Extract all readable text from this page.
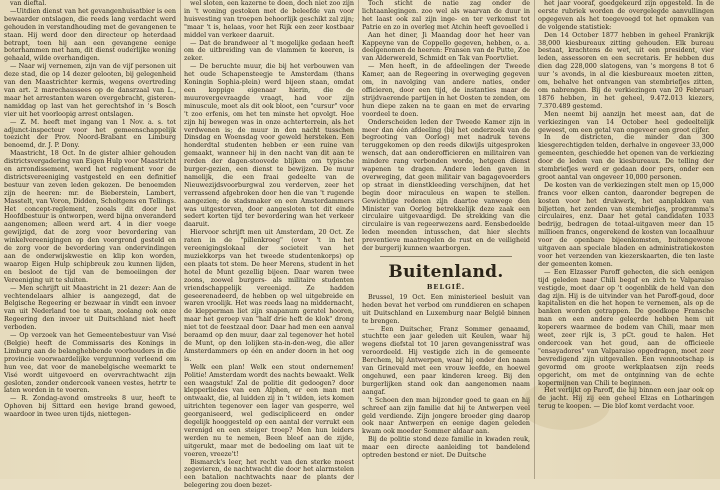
van dieftal.

—Uitdien dienst van het gevangenhuisatbier is een bewaarder ontslagen, die reeds lang verdacht werd gehouden in verstandhouding met de gevangenen te staan. Hij werd door den directeur op heterdaad betrapt, toen hij aan een gevangene eenige boterhammen met ham, dit dienst ouderlijke woning gehaald, wilde overhandigen.

— Naar wij vernemen, zijn van de vijf personen uit deze stad, die op 14 dezer gelooten, bij gelegenheid van den Maastrichter kermis, wegens overtreding van art. 2 marechaussees op de dansrzaal van L., maar het arrestanten waren overgebracht, gisteren-namiddag op last van het gerechtshof in 's Bosch vier uit het voorloopig arrest ontslagen.

— Z. M. heeft met ingang van 1 Nov. a. s. tot adjunct-inspecteur voor het gemeenschappelijk toezicht der Prov. Noord-Brabant en Limburg benoemd, dr. J. P. Dony.

Maastricht, 18 Oct. In de gister alhier gehouden districtsvergadering van Eigen Hulp voor Maastricht en arrondissement, werd het reglement voor de districtsvereeniging vastgesteld en een definitief bestuur van zeven leden gekozen. De benoemden zijn de heeren: mr. de Bieberstein, Lambert, Masstelt, van Voron, Didden, Scholtgens en Tellings. Het concept-reglement, zooals dit door het Hoofdbestuur is ontworpen, werd bijna onveranderd aangenomen; alleen werd art. 4 in dier voege gewijzigd, dat de zorg voor bevordering van winkelvereenigingen op den voorgrond gesteld en de zorg voor de bevordering van ondervindingen aan de onderwijskwestie en klip kon worden, waarop Eigen Hulp schipbreuk zou kunnen lijden, en besloot de tijd van de bemoeiingen der Vereeniging uit te sluiten.

— Men schrijft uit Maastricht in 21 dezer: Aan de vechtendelaars alhier is aangezegd, dat de Belgische Regeering er bezwaar in vindt een invoer van uit Nederland toe te staan, zoolang ook onze Regeering den invoer uit Duitschland niet heeft verboden.

— Op verzoek van het Gemeentebestuur van Visé (Belgie) heeft de Commissaris des Konings in Limburg aan de belanghebbende voorhouders in die provincie voorwaardelijke vergunning verleend om hun vee, dat voor de manebelgische weemarkt te Visé wordt uitgevoerd en overvrachtwacht zijn gesloten, zonder ondercoek vaneen vestes, hetrtr te laten worden in te voeren.

— R. Zondag-avond omstreeks 8 uur, heeft te Ophoven bij Sittard een hevige brand gewoed, waardoor in twee uren tijds, niettegen-

wel sloten, een kazerne te doen, doch niet zoo zijn in 't woning gestoken met de beleefde van voor huisvesting van troepen behoorlijk geschikt zal zijn; "maar 't is, helaas, voor het Rijk een zeer kostbaar middel van verkeer daaruit.

— Dat de brandweer al 't mogelijke gedaan heeft om de uitbreiding van de vlammen te keeren, is zeker.

— De beruchte muur, die bij het verbouwen van het oude Schapensteegje te Amsterdam (thans Koningin Sophia-plein) werd bijeen staan, omdat een koppige eigenaar hierin, die de muurovergevraagde vraagt, had voor zijn minuscule, moet als dit ook bloot, een "cursur" voor 't zoo erfenis, om het ten minste het opvolgt. Hoe zijn hij bewegen was in onze achterterrein, als het verdwenen is; de muur in den nacht tusschen Dinsdag en Woensdag voor geweld hersteken. Een honderdtal studenten hebben er een ruine van gemaakt, wanneer hij in den nacht van dit aan te rerden der dagen-stoovede blijken om typische burger-gezien, een dienst te bewijzen. De muur namelijk, die een fraai gedeelte van de Nieuwezijdsvoorburgwal zou verderven, zeer het verrassend afgebroken door hen die van 't rugende aangezien; de stadsmaker en een Amsterdammers was uitgestorven, door aangesloten tot dit einde sedert korten tijd ter bevordering wan het verkeer daaruit.

Hiervoor schrijft men uit Amsterdam, 20 Oct. Ze raten in de "pillenkroeg" (over 't in het vereenigingslokaal der societeit van het muziekkorps van het tweede studentenkorps) op een plaats tot stem. De heer Merens, student in het hotel de Munt gezellig bijeen. Daar waren twee zoons, zoowel burgers- als militaire studenten vriendschappelijk vereenigd. Ze hadden geseerenadeerd, de hebben op wel uitgebreide en waren vroolijk. Het was reeds laag na middernacht, de klepperman liet zijn snapanum geratel hooren, maar het geroep van "half drie heft de klok" drong niet tot de feestzaal door. Daar had men een aanval beraamd op den muur, daar zal tegenover het hotel de Munt, op den lolijken sta-in-den-weg, die aller Amsterdammers op één en ander doorn in het oog is.

Welk een plan! Welk een stout ondernemen! Politie! Amsterdam wordt des nachts bewaakt. Welk een waagstuk! Zal de politie dit gedoogen? door klepperliedes van een Alphen, er een man met ontwaakt, die, al luidden zij in 't wilden, iets komen uitrichten tegenover een lager van gesperre, wel georganiseerd, wel gediscipliceerd en onder degelijk hooggesteld op een aantal der verrukt een verenigd en een steiger troep? Men hun leiders werden nu te nemen, Been bleef aan de zijde, uitgerukt, maar met de bedoeling om laat uit te voeren, vreeze't!

Bismarck's leer, het recht van den sterke moest zegevieren, de nachtwacht die door het alarmstelen een batalion nachtwachts naar de plants der belegering zou doen bezet-

Toch sticht de natie zag onder de lichtaanlegingen. zoo wel als waarvan de duur in het laast ook zal zijn inge- en ter verkomst tot Patrie en zo in overleg met Atchin heeft gevoelled i

Aan het diner, Ji Maandag door het heer van Kappeyne van de Coppello gegeven, hebben, o. a. deelgenomen de heeren: Fransen van de Putte, Zoe van Alderwereld, Schmidt en Tak van Poortvliet.

— Men heeft, in de afdeelingen der Tweede Kamer, aan de Regeering in overweging gegeven om, in navolging van andere naties, onder officieren, door een tijd, de instanties maar de strijdvaerende partijen in het Oosten te zenden, om hun diepe zaken na te gaan en met de ervaring voordeel te doen.

Onderscheiden leden der Tweede Kamer zijn in meer dan één afdeeling (bij het onderzoek van de begrooting van Oorlog) met nadruk tevens teruggekomen op den reeds dikwijls uitgesproken wensch, dat aan onderofficieren en militairen van mindere rang verbonden worde, hetgeen dienst wapenen te dragen. Andere leden gaven in overweging, dat geen militair van bagagevoerders op straat in dienstkleeding verschijnen, dat het begin door miraculeus en wapen te stellen. Gewichtige redenen zijn daartoe vanwege den Minister van Oorlog betrekkelijk deze zaak een circulaire uitgevaardigd. De strekking van die circulaire is van regeerwezens aard. Eensbedoelde leden meenden intusschen, dat hier slechts preventieve maatregelen de rust en de veiligheid der burgerij kunnen waarborgen.

Buitenland.
BELGIË.

Brussel, 19 Oct. Een ministerieel besluit van heden bevat het verbod om runddieren en schapen uit Duitschland en Luxemburg naar België binnen te brengen.

— Een Duitscher, Franz Sommer genaamd, stuchtte een jaar geleden uit Keulen, waar hij wegens diefstal tot 10 jaren gevangenisstraf was veroordeeld. Hij vestigde zich in de gemeente Berchem, bij Antwerpen, waar hij onder den naam van Grinevald met een vrouw leefde, en hoewel ongehuwd, een paar kinderen kreeg. Bij den burgerlijken stand ook dan aangenomen naam aangaf.

't Schoen den man bijzonder goed te gaan en hij schreef aan zijn familie dat hij te Antwerpen veel geld verdiende. Zijn jongere broeder ging daarop ook naar Antwerpen en eenige dagen geleden kwam ook moeder Sommer aldaar aan.

Bij de politie stond deze familie in kwaden reuk, maar een directe aanleiding tot bandelend optreden bestond er niet. De Duitsche

het jaar vooraf, goedgekeurd zijn opgesteld. In de eerste rubriek worden de overgelegde aanvullingen opgegeven als het toegevoegd tot het opmaken van de volgende statistiek:

Den 14 October 1877 hebben in geheel Frankrijk 38,000 kiesbureaux zitting gehouden. Elk bureau bestaat, krachtens de wet, uit een president, vier leden, assessoren en een secretaris. Er hebben dus dien dag 228,000 slatogens, van 's morgens 8 tot 6 uur 's avonds, in al die kiesbureaux moeten zitten, om, behalve het ontvangen van stembriefjes zitten, om nabrengen. Bij de verkiezingen van 20 Februari 1876 hebben, in het geheel, 9.472.013 kiezers, 7.370.489 gestemd.

Men neemt bij aanzijn het meest aan, dat de verkiezingen van 14 October heel gedeeltelijk geweest, om een getal van ongeveer een groot cijfer.

In de districten, die minder dan 300 kiesgerechtigden telden, derhalve in ongeveer 33,000 gemeenten, geschiedde het openen van de verkiezing door de leden van de kiesbureaux. De telling der stembriefjes werd er gedaan door pers, onder een groot aantal van ongeveer 10,000 personen.

De kosten van de verkiezingen stelt men op 15,000 francs voor elken canton, daaronder begrepen de kosten voor het drukwerk, het aanplakken van biljetten, het zenden van stembriefjes, programma's circulaires, enz. Daar het getal candidaten 1033 bedrijg, bedragen de totaal-uitgaven meer dan 15 millioen francs, ongerekend de kosten van locaalhuur voor de openbare bijeenkomsten, buitengewone uitgaven aan speciale bladen en administratiekosten voor het verzenden van kiezerskaarten, die ten laste der gemeenten komen.

— Een Elzasser Paroff gehecten, die sich eenigen tijd geleden naar Chili begaf en zich te Valparaiso vestigde, moet daar op 't oogenblik de held van den dag zijn. Hij is de uitvinder van het Paroff-goud, door kapitalisten en die het hopen te vernemen, als op de banken worden getrappen. De goedkope Fransche man en een andere geleerde hebben hem uit koperers waarmee de bodem van Chili, maar men weet, zeer rijk is, 3 pCt. goud te halen. Het ondercoek van het goud, aan de officieele "ensayadores" van Valparaiso opgedragen, moet zeer bevredigend zijn uitgevallen. Een vennootschap is gevormd om groote werkplaatsen zijn reeds opgericht, om met de ontginning van de echte kopermijnen van Chili te beginnen.

Het verlijkt op Paroff, die hij binnen een jaar ook op de jacht. Hij zij een geheel Elzas en Lotharingen terug te koopen. — Die blof komt verdacht voor.
